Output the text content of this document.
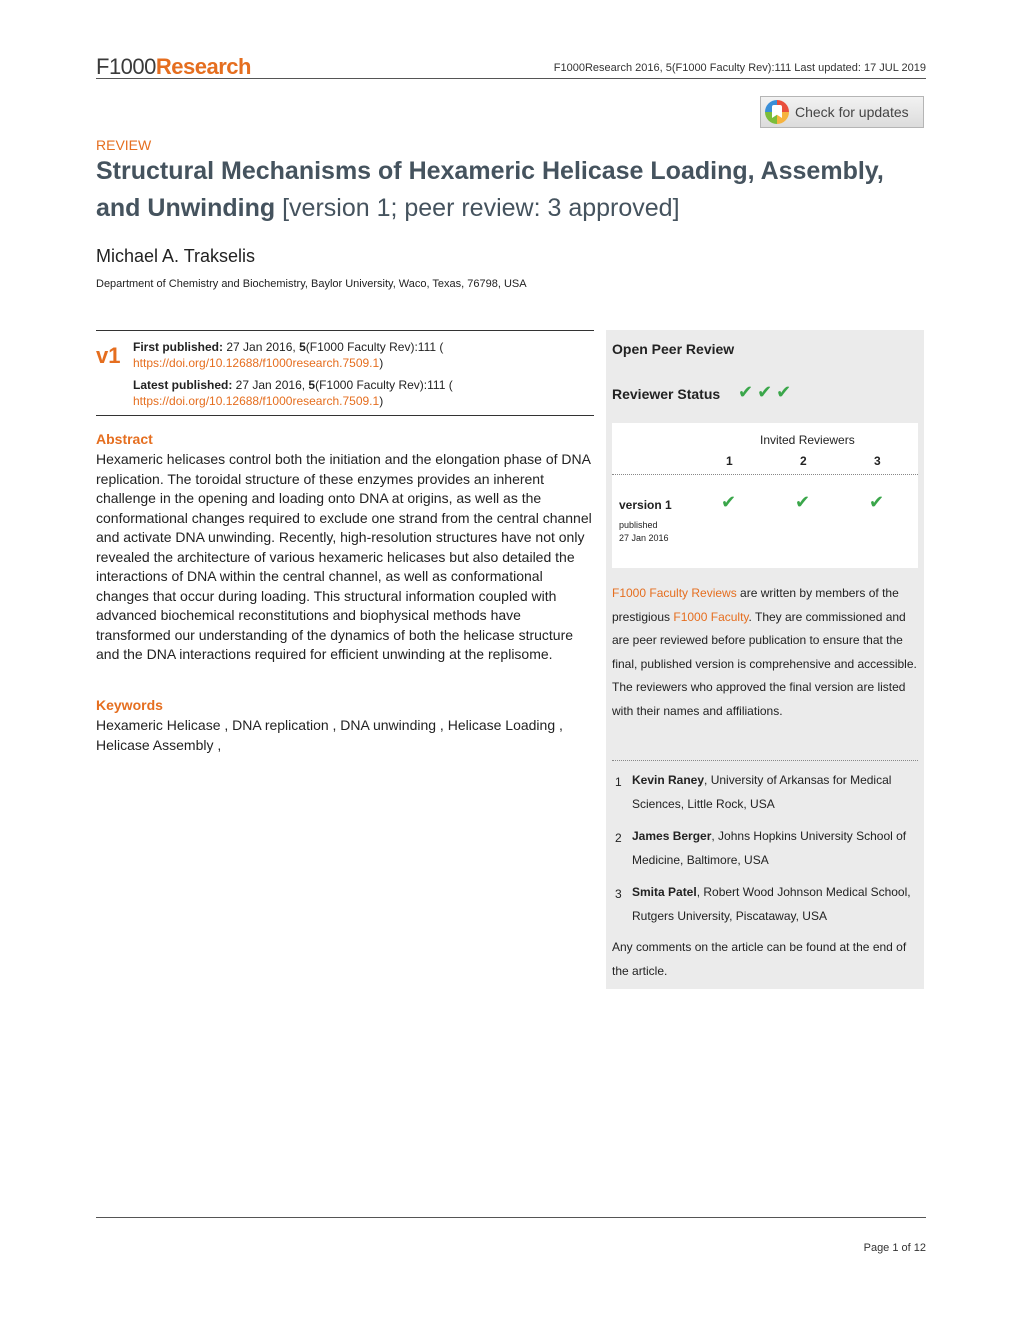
F1000Research	F1000Research 2016, 5(F1000 Faculty Rev):111 Last updated: 17 JUL 2019
Check for updates
REVIEW
Structural Mechanisms of Hexameric Helicase Loading, Assembly, and Unwinding [version 1; peer review: 3 approved]
Michael A. Trakselis
Department of Chemistry and Biochemistry, Baylor University, Waco, Texas, 76798, USA
v1 First published: 27 Jan 2016, 5(F1000 Faculty Rev):111 (
https://doi.org/10.12688/f1000research.7509.1)
Latest published: 27 Jan 2016, 5(F1000 Faculty Rev):111 (
https://doi.org/10.12688/f1000research.7509.1)
Abstract
Hexameric helicases control both the initiation and the elongation phase of DNA replication. The toroidal structure of these enzymes provides an inherent challenge in the opening and loading onto DNA at origins, as well as the conformational changes required to exclude one strand from the central channel and activate DNA unwinding. Recently, high-resolution structures have not only revealed the architecture of various hexameric helicases but also detailed the interactions of DNA within the central channel, as well as conformational changes that occur during loading. This structural information coupled with advanced biochemical reconstitutions and biophysical methods have transformed our understanding of the dynamics of both the helicase structure and the DNA interactions required for efficient unwinding at the replisome.
Keywords
Hexameric Helicase , DNA replication , DNA unwinding , Helicase Loading , Helicase Assembly ,
Open Peer Review
Reviewer Status ✔✔✔
Invited Reviewers
1	2	3
version 1
published
27 Jan 2016
✔	✔	✔
F1000 Faculty Reviews are written by members of the prestigious F1000 Faculty. They are commissioned and are peer reviewed before publication to ensure that the final, published version is comprehensive and accessible. The reviewers who approved the final version are listed with their names and affiliations.
1 Kevin Raney, University of Arkansas for Medical Sciences, Little Rock, USA
2 James Berger, Johns Hopkins University School of Medicine, Baltimore, USA
3 Smita Patel, Robert Wood Johnson Medical School, Rutgers University, Piscataway, USA
Any comments on the article can be found at the end of the article.
Page 1 of 12
